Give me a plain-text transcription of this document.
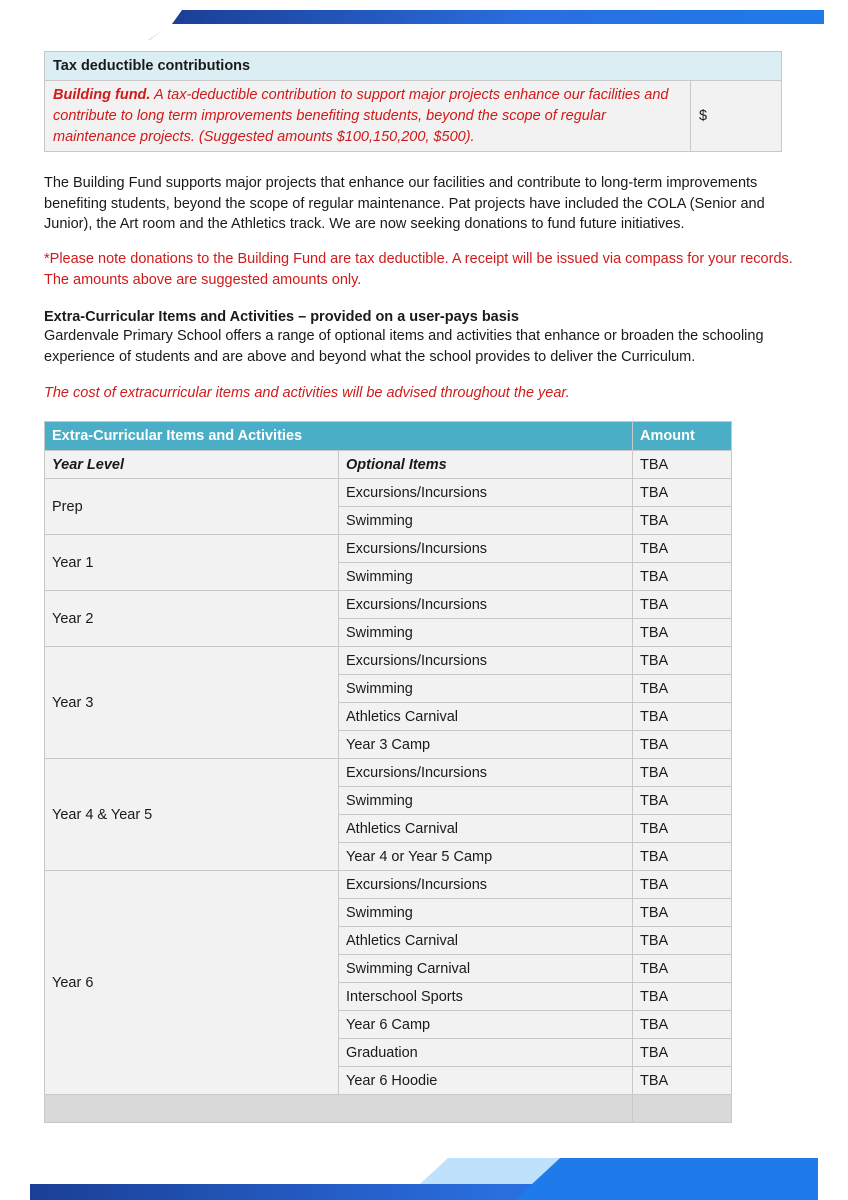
Tax deductible contributions
Building fund. A tax-deductible contribution to support major projects enhance our facilities and contribute to long term improvements benefiting students, beyond the scope of regular maintenance projects. (Suggested amounts $100,150,200, $500).	$

The Building Fund supports major projects that enhance our facilities and contribute to long-term improvements benefiting students, beyond the scope of regular maintenance. Pat projects have included the COLA (Senior and Junior), the Art room and the Athletics track. We are now seeking donations to fund future initiatives.

*Please note donations to the Building Fund are tax deductible. A receipt will be issued via compass for your records. The amounts above are suggested amounts only.

Extra-Curricular Items and Activities – provided on a user-pays basis

Gardenvale Primary School offers a range of optional items and activities that enhance or broaden the schooling experience of students and are above and beyond what the school provides to deliver the Curriculum.

The cost of extracurricular items and activities will be advised throughout the year.

Extra-Curricular Items and Activities		Amount
Year Level	Optional Items	TBA
Prep	Excursions/Incursions	TBA
	Swimming	TBA
Year 1	Excursions/Incursions	TBA
	Swimming	TBA
Year 2	Excursions/Incursions	TBA
	Swimming	TBA
Year 3	Excursions/Incursions	TBA
	Swimming	TBA
	Athletics Carnival	TBA
	Year 3 Camp	TBA
Year 4 & Year 5	Excursions/Incursions	TBA
	Swimming	TBA
	Athletics Carnival	TBA
	Year 4 or Year 5 Camp	TBA
Year 6	Excursions/Incursions	TBA
	Swimming	TBA
	Athletics Carnival	TBA
	Swimming Carnival	TBA
	Interschool Sports	TBA
	Year 6 Camp	TBA
	Graduation	TBA
	Year 6 Hoodie	TBA
